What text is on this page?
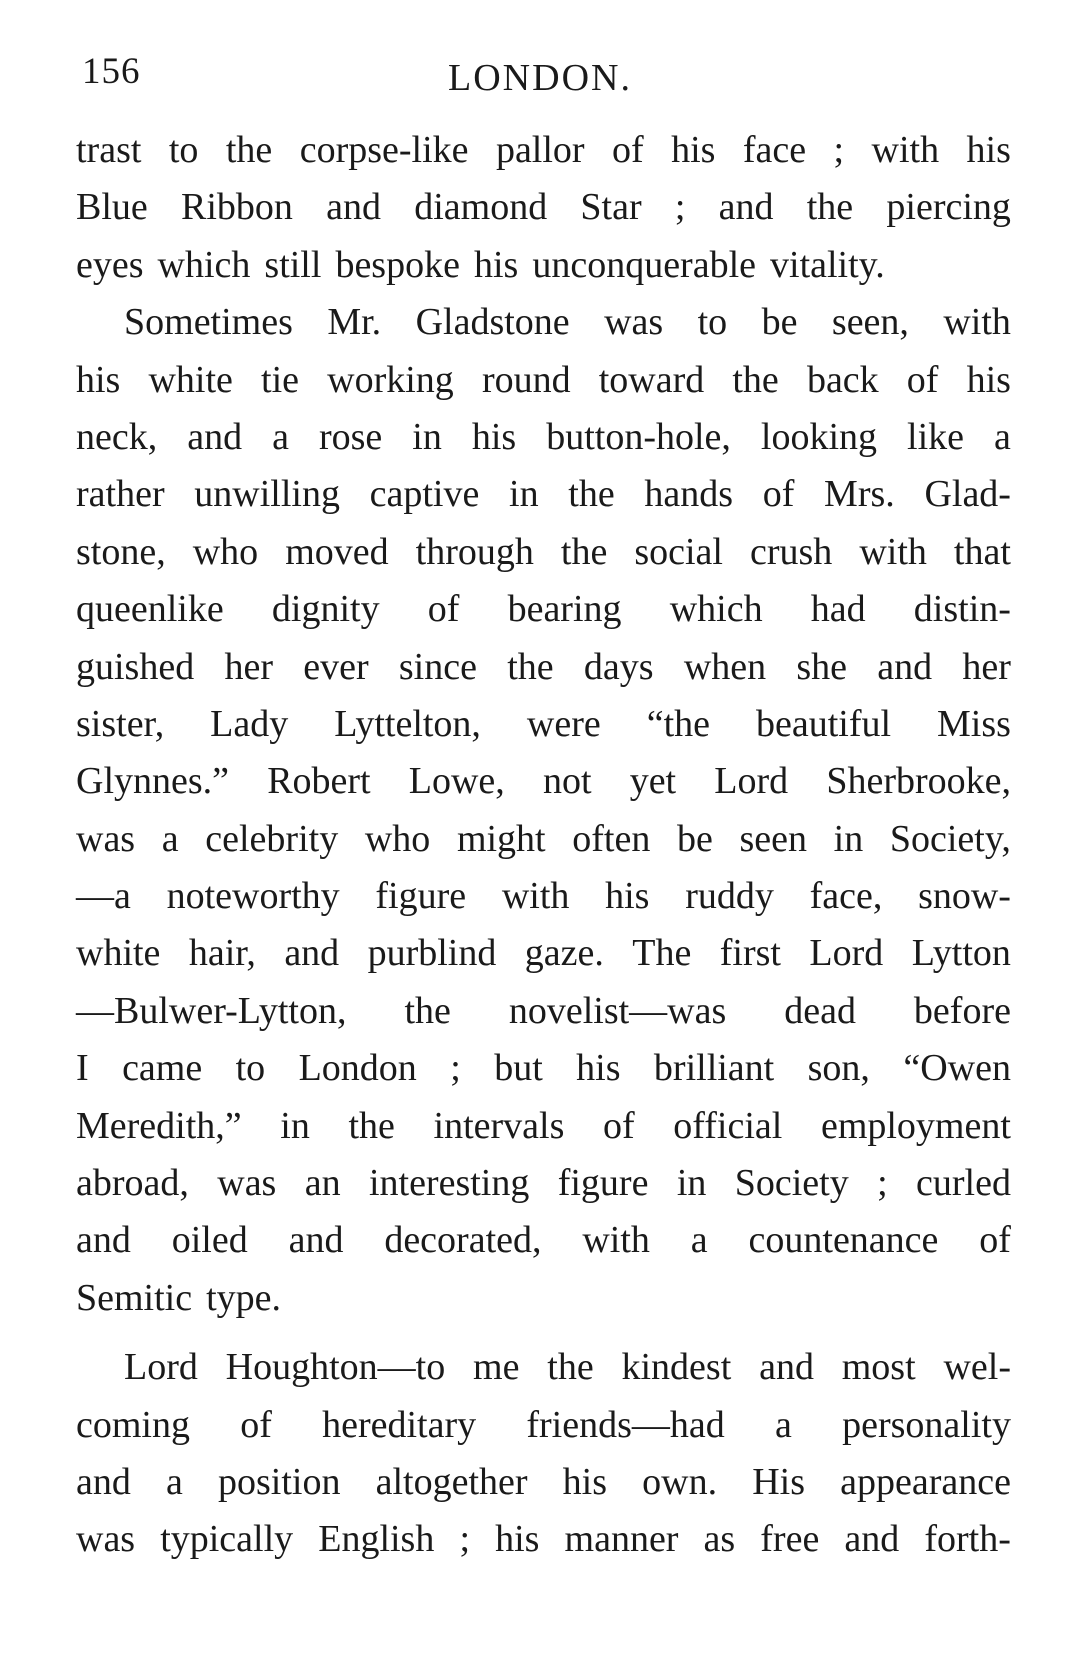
156	LONDON.
trast to the corpse-like pallor of his face ; with his
Blue Ribbon and diamond Star ; and the piercing
eyes which still bespoke his unconquerable vitality.
Sometimes Mr. Gladstone was to be seen, with
his white tie working round toward the back of his
neck, and a rose in his button-hole, looking like a
rather unwilling captive in the hands of Mrs. Glad-
stone, who moved through the social crush with that
queenlike dignity of bearing which had distin-
guished her ever since the days when she and her
sister, Lady Lyttelton, were “the beautiful Miss
Glynnes.” Robert Lowe, not yet Lord Sherbrooke,
was a celebrity who might often be seen in Society,
—a noteworthy figure with his ruddy face, snow-
white hair, and purblind gaze. The first Lord Lytton
—Bulwer-Lytton, the novelist—was dead before
I came to London ; but his brilliant son, “Owen
Meredith,” in the intervals of official employment
abroad, was an interesting figure in Society ; curled
and oiled and decorated, with a countenance of
Semitic type.
Lord Houghton—to me the kindest and most wel-
coming of hereditary friends—had a personality
and a position altogether his own. His appearance
was typically English ; his manner as free and forth-
